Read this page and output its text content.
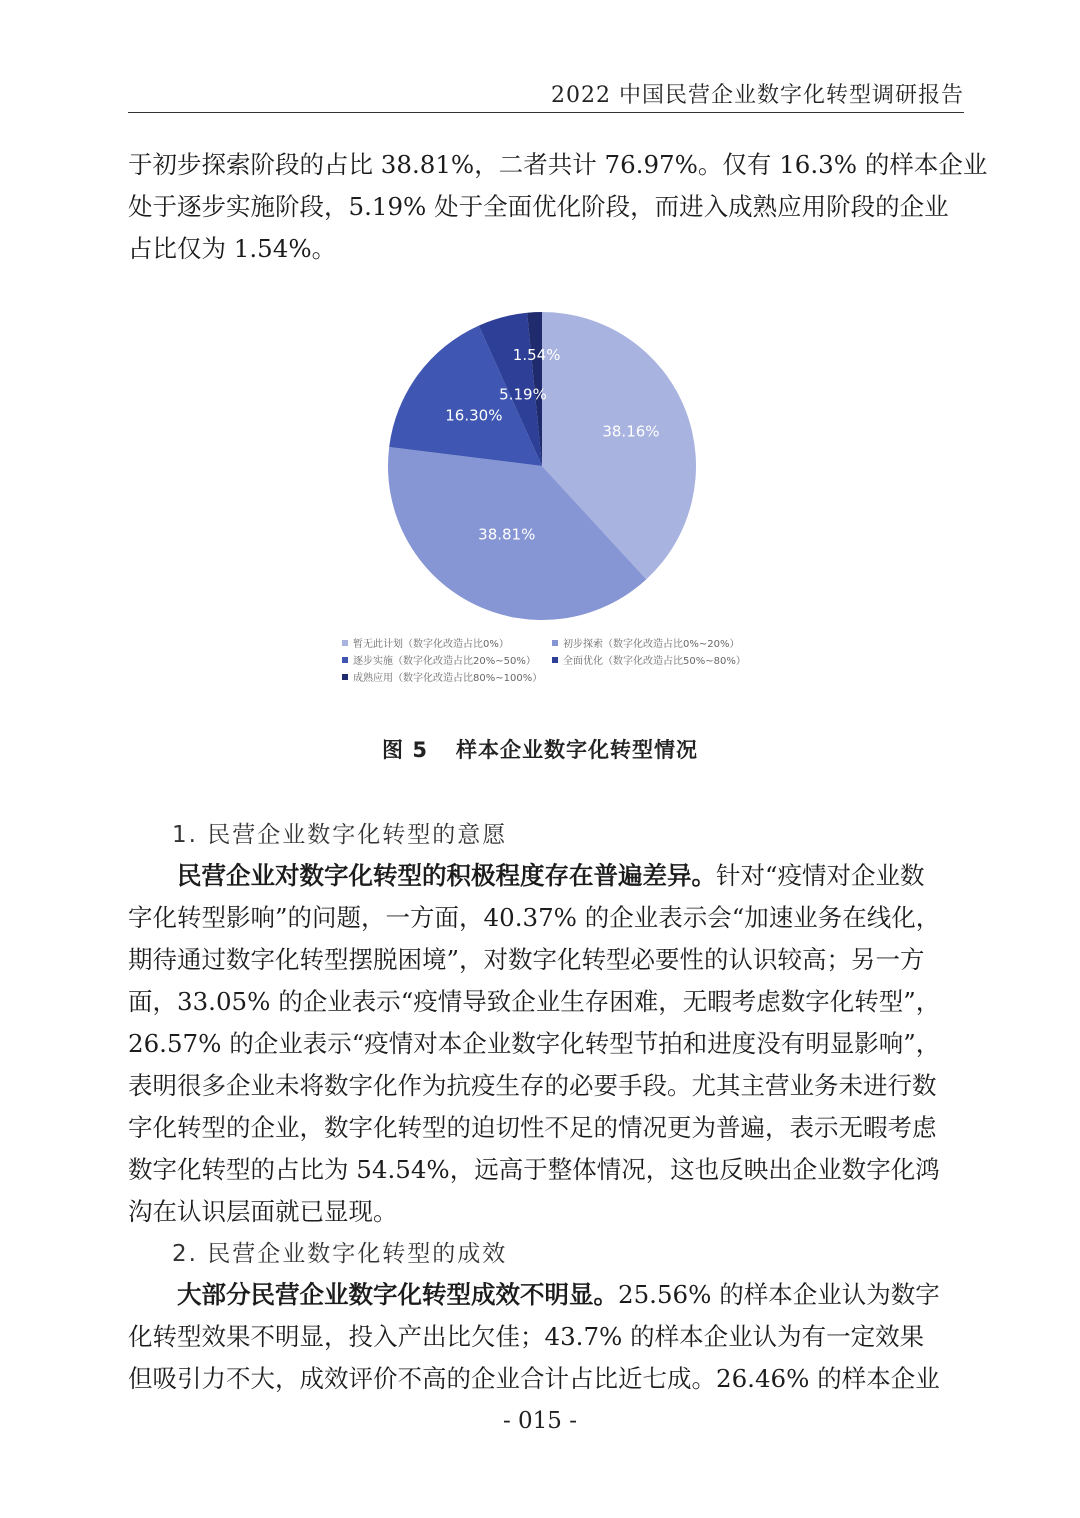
2022 中国民营企业数字化转型调研报告
于初步探索阶段的占比 38.81%，二者共计 76.97%。仅有 16.3% 的样本企业
处于逐步实施阶段，5.19% 处于全面优化阶段，而进入成熟应用阶段的企业
占比仅为 1.54%。
38.16%
38.81%
16.30%
5.19%
1.54%
暂无此计划（数字化改造占比0%）	初步探索（数字化改造占比0%~20%）
逐步实施（数字化改造占比20%~50%）	全面优化（数字化改造占比50%~80%）
成熟应用（数字化改造占比80%~100%）
图 5 样本企业数字化转型情况
1. 民营企业数字化转型的意愿
民营企业对数字化转型的积极程度存在普遍差异。针对“疫情对企业数
字化转型影响”的问题，一方面，40.37% 的企业表示会“加速业务在线化，
期待通过数字化转型摆脱困境”，对数字化转型必要性的认识较高；另一方
面，33.05% 的企业表示“疫情导致企业生存困难，无暇考虑数字化转型”，
26.57% 的企业表示“疫情对本企业数字化转型节拍和进度没有明显影响”，
表明很多企业未将数字化作为抗疫生存的必要手段。尤其主营业务未进行数
字化转型的企业，数字化转型的迫切性不足的情况更为普遍，表示无暇考虑
数字化转型的占比为 54.54%，远高于整体情况，这也反映出企业数字化鸿
沟在认识层面就已显现。
2. 民营企业数字化转型的成效
大部分民营企业数字化转型成效不明显。25.56% 的样本企业认为数字
化转型效果不明显，投入产出比欠佳；43.7% 的样本企业认为有一定效果
但吸引力不大，成效评价不高的企业合计占比近七成。26.46% 的样本企业
- 015 -
